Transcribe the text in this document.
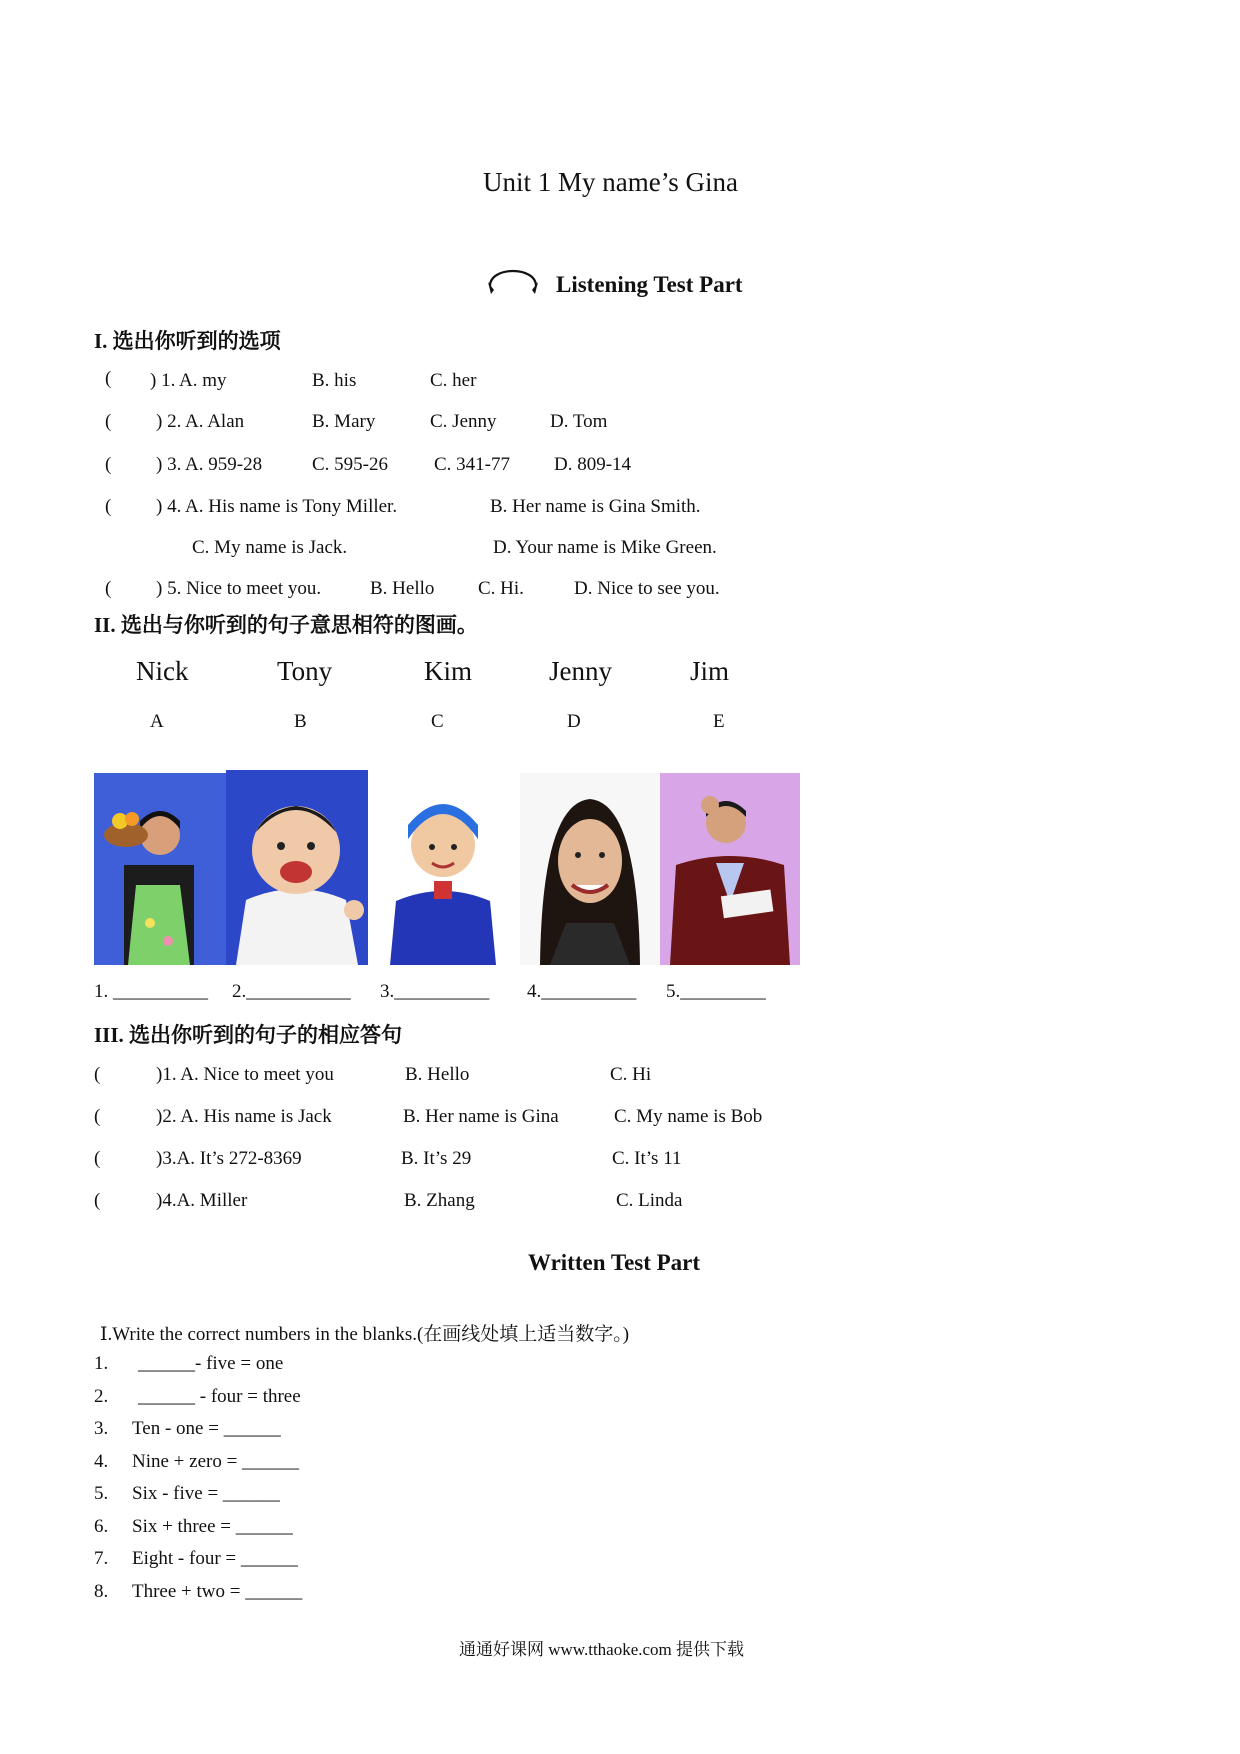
Unit 1 My name’s Gina
Listening Test Part
I. 选出你听到的选项
( ) 1. A. my	B. his	C. her
( ) 2. A. Alan	B. Mary	C. Jenny	D. Tom
( ) 3. A. 959-28	C. 595-26 C. 341-77 D. 809-14
( ) 4. A. His name is Tony Miller.	B. Her name is Gina Smith.
C. My name is Jack.	D. Your name is Mike Green.
( ) 5. Nice to meet you.	B. Hello C. Hi.	D. Nice to see you.
II. 选出与你听到的句子意思相符的图画。
Nick	Tony	Kim	Jenny	Jim
A	B	C	D	E
1. __________ 2.___________ 3.__________ 4.__________ 5._________
III. 选出你听到的句子的相应答句
(	)1. A. Nice to meet you	B. Hello	C. Hi
(	)2. A. His name is Jack	B. Her name is Gina	C. My name is Bob
(	)3.A. It’s 272-8369	B. It’s 29	C. It’s 11
(	)4.A. Miller	B. Zhang	C. Linda
Written Test Part
Ⅰ.Write the correct numbers in the blanks.(在画线处填上适当数字。)
1. ______- five = one
2. ______ - four = three
3. Ten - one = ______
4. Nine + zero = ______
5. Six - five = ______
6. Six + three = ______
7. Eight - four = ______
8. Three + two = ______
通通好课网 www.tthaoke.com 提供下载
